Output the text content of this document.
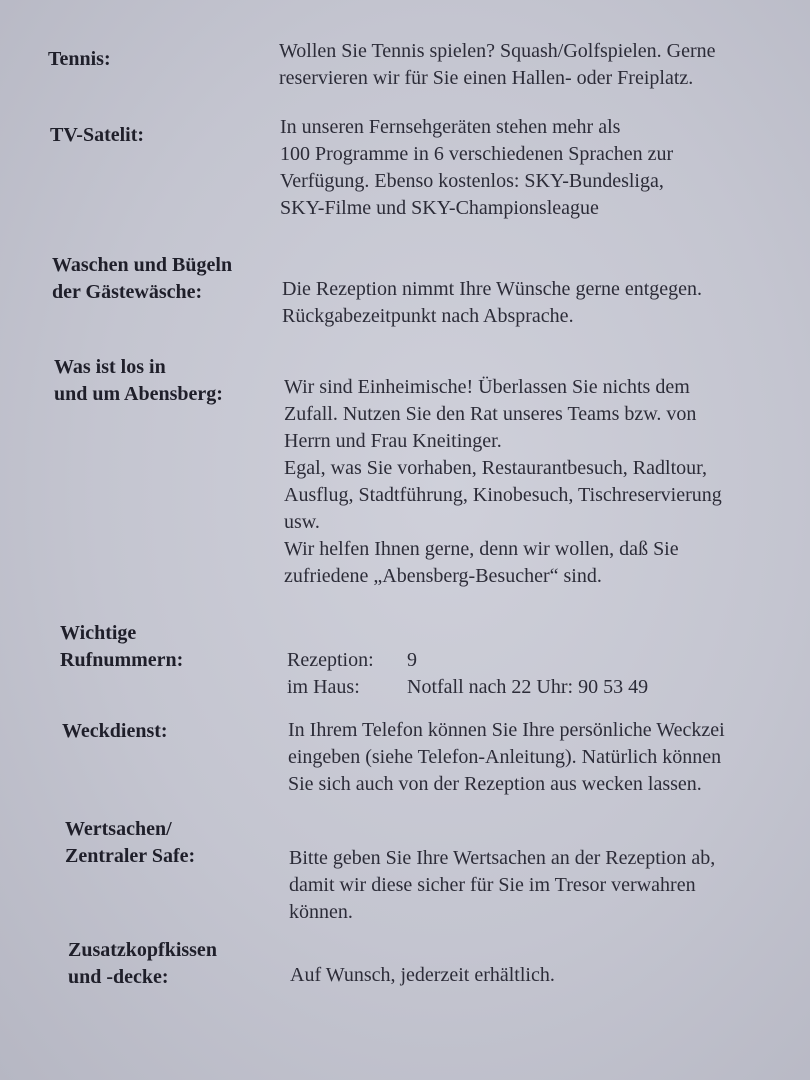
Tennis:	Wollen Sie Tennis spielen? Squash/Golfspielen. Gerne
reservieren wir für Sie einen Hallen- oder Freiplatz.
TV-Satelit:	In unseren Fernsehgeräten stehen mehr als
100 Programme in 6 verschiedenen Sprachen zur
Verfügung. Ebenso kostenlos: SKY-Bundesliga,
SKY-Filme und SKY-Championsleague
Waschen und Bügeln
der Gästewäsche:	Die Rezeption nimmt Ihre Wünsche gerne entgegen.
Rückgabezeitpunkt nach Absprache.
Was ist los in
und um Abensberg:	Wir sind Einheimische! Überlassen Sie nichts dem
Zufall. Nutzen Sie den Rat unseres Teams bzw. von
Herrn und Frau Kneitinger.
Egal, was Sie vorhaben, Restaurantbesuch, Radltour,
Ausflug, Stadtführung, Kinobesuch, Tischreservierung
usw.
Wir helfen Ihnen gerne, denn wir wollen, daß Sie
zufriedene „Abensberg-Besucher“ sind.
Wichtige
Rufnummern:	Rezeption: 9
im Haus: Notfall nach 22 Uhr: 90 53 49
Weckdienst:	In Ihrem Telefon können Sie Ihre persönliche Weckzei
eingeben (siehe Telefon-Anleitung). Natürlich können
Sie sich auch von der Rezeption aus wecken lassen.
Wertsachen/
Zentraler Safe:	Bitte geben Sie Ihre Wertsachen an der Rezeption ab,
damit wir diese sicher für Sie im Tresor verwahren
können.
Zusatzkopfkissen
und -decke:	Auf Wunsch, jederzeit erhältlich.
